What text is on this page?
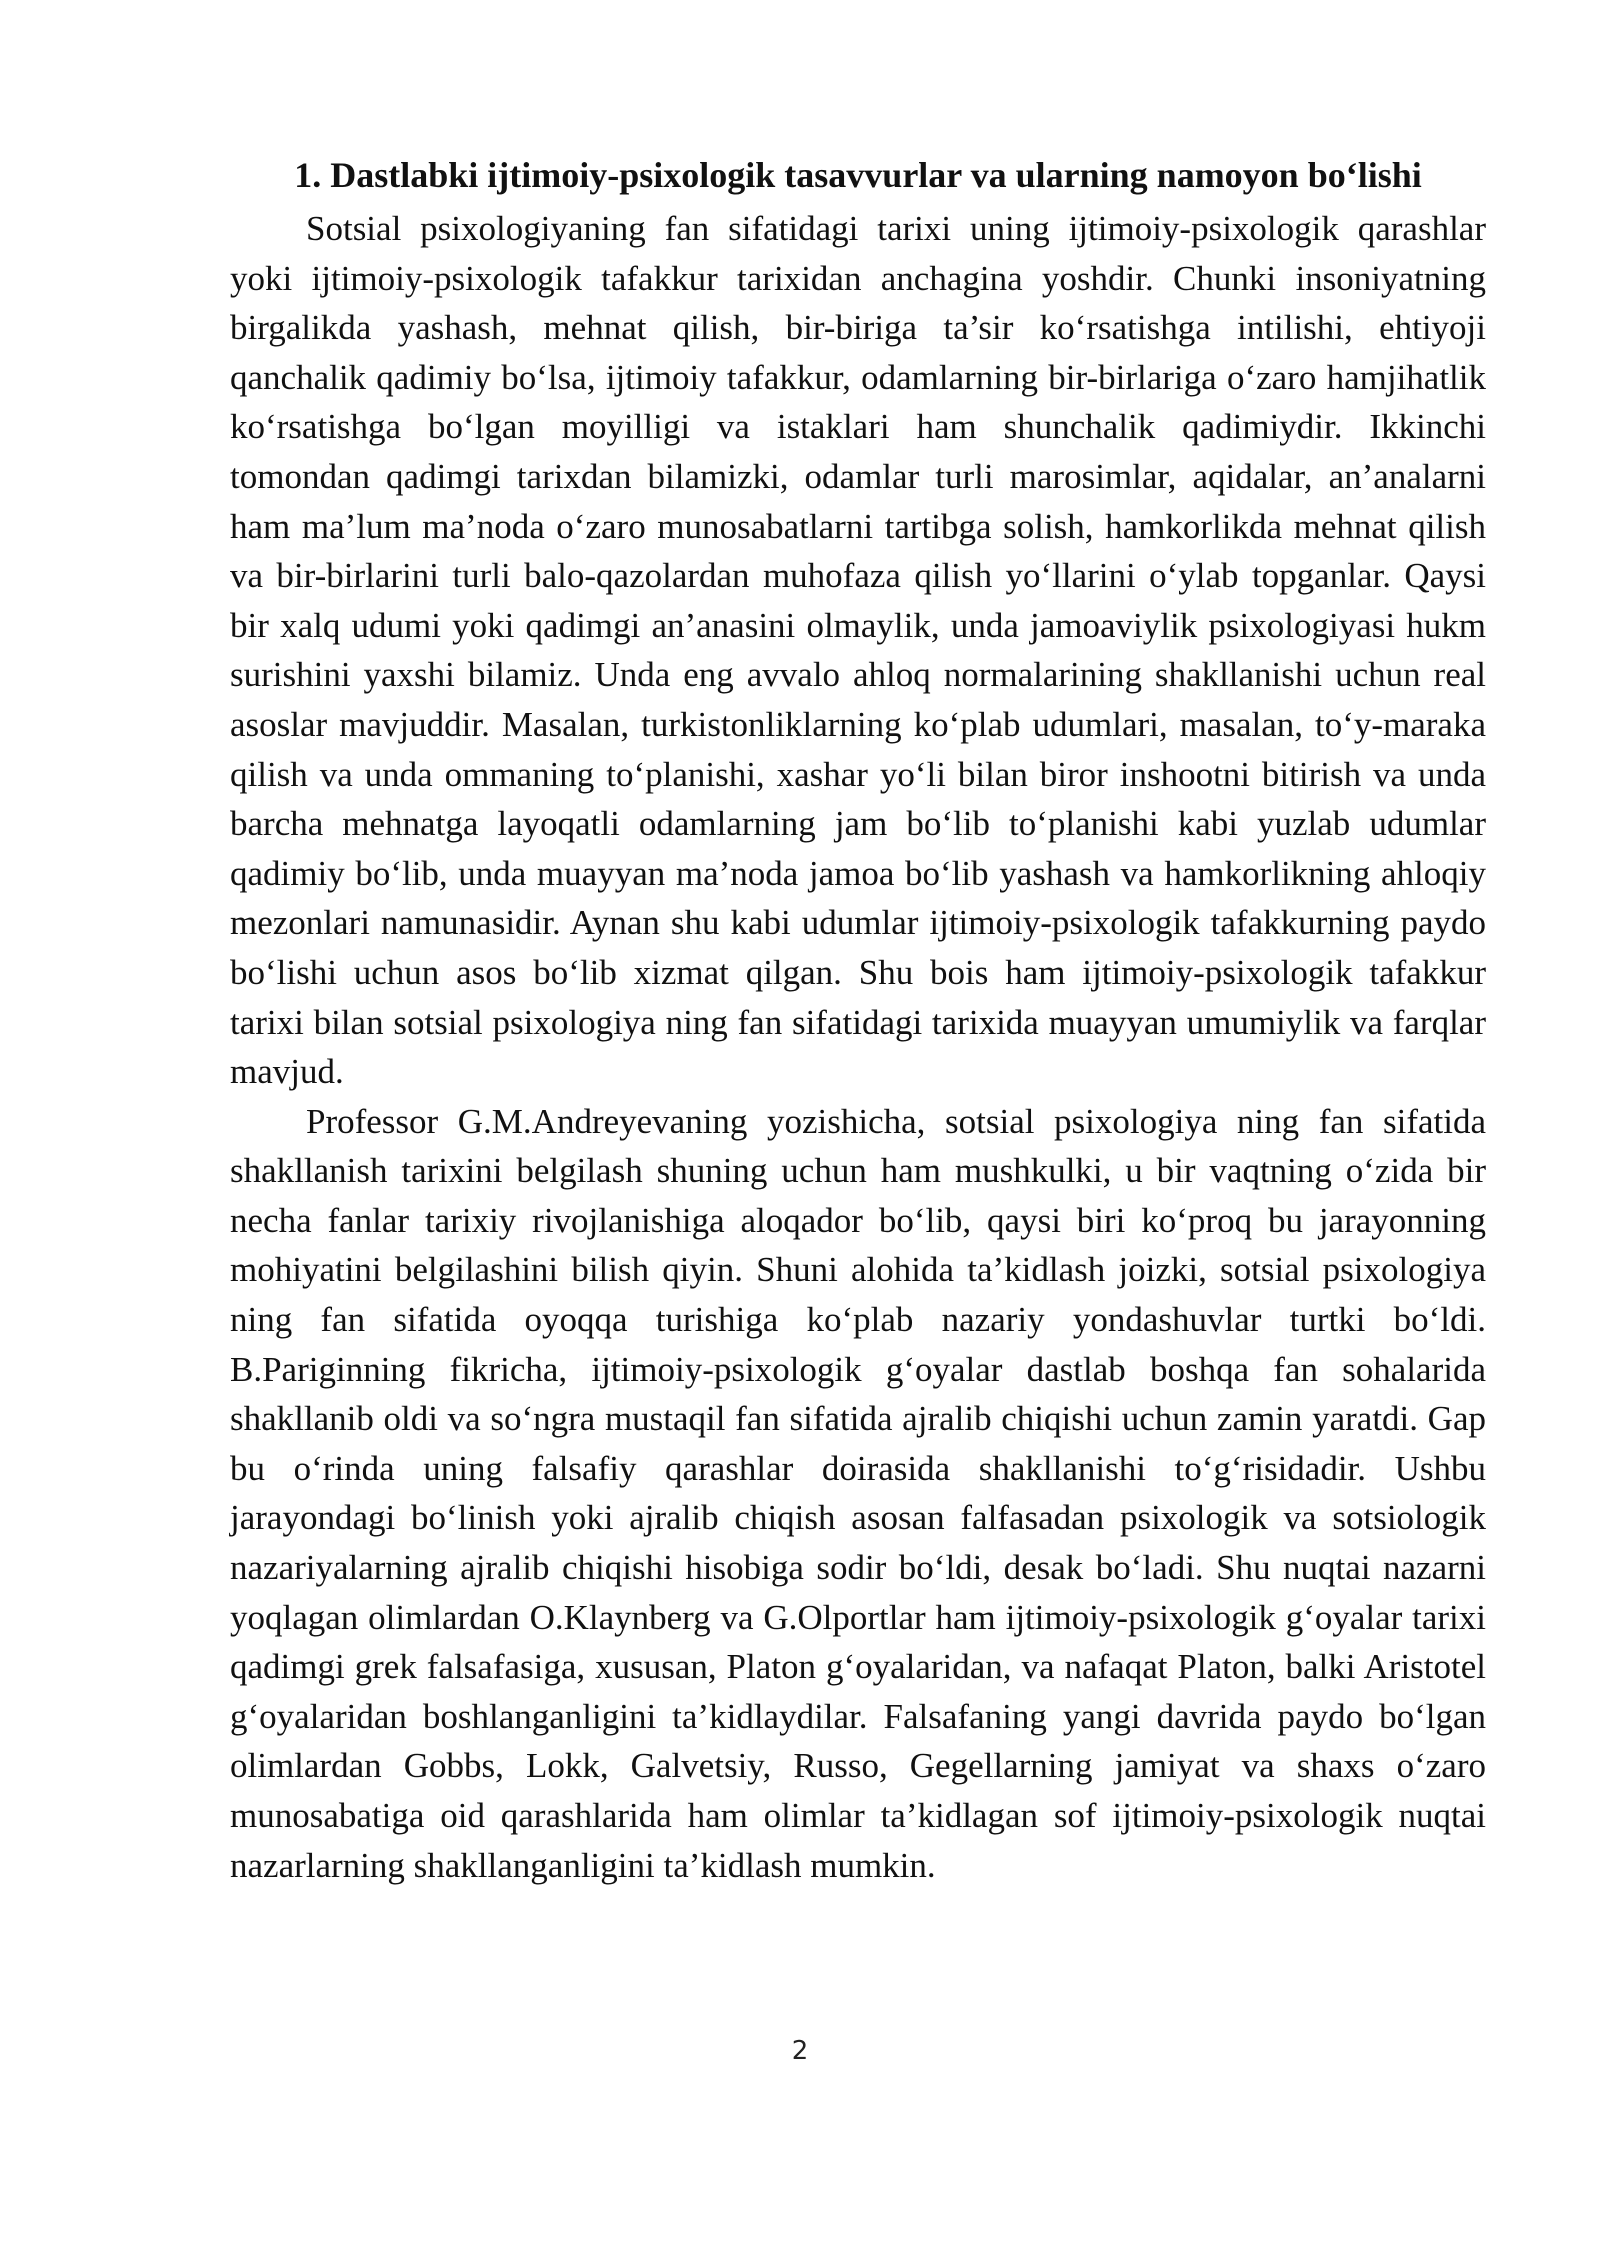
1. Dastlabki ijtimoiy-psixologik tasavvurlar va ularning namoyon bo‘lishi

Sotsial psixologiyaning fan sifatidagi tarixi uning ijtimoiy-psixologik qarashlar yoki ijtimoiy-psixologik tafakkur tarixidan anchagina yoshdir. Chunki insoniyatning birgalikda yashash, mehnat qilish, bir-biriga ta’sir ko‘rsatishga intilishi, ehtiyoji qanchalik qadimiy bo‘lsa, ijtimoiy tafakkur, odamlarning bir-birlariga o‘zaro hamjihatlik ko‘rsatishga bo‘lgan moyilligi va istaklari ham shunchalik qadimiydir. Ikkinchi tomondan qadimgi tarixdan bilamizki, odamlar turli marosimlar, aqidalar, an’analarni ham ma’lum ma’noda o‘zaro munosabatlarni tartibga solish, hamkorlikda mehnat qilish va bir-birlarini turli balo-qazolardan muhofaza qilish yo‘llarini o‘ylab topganlar. Qaysi bir xalq udumi yoki qadimgi an’anasini olmaylik, unda jamoaviylik psixologiyasi hukm surishini yaxshi bilamiz. Unda eng avvalo ahloq normalarining shakllanishi uchun real asoslar mavjuddir. Masalan, turkistonliklarning ko‘plab udumlari, masalan, to‘y-maraka qilish va unda ommaning to‘planishi, xashar yo‘li bilan biror inshootni bitirish va unda barcha mehnatga layoqatli odamlarning jam bo‘lib to‘planishi kabi yuzlab udumlar qadimiy bo‘lib, unda muayyan ma’noda jamoa bo‘lib yashash va hamkorlikning ahloqiy mezonlari namunasidir. Aynan shu kabi udumlar ijtimoiy-psixologik tafakkurning paydo bo‘lishi uchun asos bo‘lib xizmat qilgan. Shu bois ham ijtimoiy-psixologik tafakkur tarixi bilan sotsial psixologiya ning fan sifatidagi tarixida muayyan umumiylik va farqlar mavjud.

Professor G.M.Andreyevaning yozishicha, sotsial psixologiya ning fan sifatida shakllanish tarixini belgilash shuning uchun ham mushkulki, u bir vaqtning o‘zida bir necha fanlar tarixiy rivojlanishiga aloqador bo‘lib, qaysi biri ko‘proq bu jarayonning mohiyatini belgilashini bilish qiyin. Shuni alohida ta’kidlash joizki, sotsial psixologiya ning fan sifatida oyoqqa turishiga ko‘plab nazariy yondashuvlar turtki bo‘ldi. B.Pariginning fikricha, ijtimoiy-psixologik g‘oyalar dastlab boshqa fan sohalarida shakllanib oldi va so‘ngra mustaqil fan sifatida ajralib chiqishi uchun zamin yaratdi. Gap bu o‘rinda uning falsafiy qarashlar doirasida shakllanishi to‘g‘risidadir. Ushbu jarayondagi bo‘linish yoki ajralib chiqish asosan falfasadan psixologik va sotsiologik nazariyalarning ajralib chiqishi hisobiga sodir bo‘ldi, desak bo‘ladi. Shu nuqtai nazarni yoqlagan olimlardan O.Klaynberg va G.Olportlar ham ijtimoiy-psixologik g‘oyalar tarixi qadimgi grek falsafasiga, xususan, Platon g‘oyalaridan, va nafaqat Platon, balki Aristotel g‘oyalaridan boshlanganligini ta’kidlaydilar. Falsafaning yangi davrida paydo bo‘lgan olimlardan Gobbs, Lokk, Galvetsiy, Russo, Gegellarning jamiyat va shaxs o‘zaro munosabatiga oid qarashlarida ham olimlar ta’kidlagan sof ijtimoiy-psixologik nuqtai nazarlarning shakllanganligini ta’kidlash mumkin.

2
